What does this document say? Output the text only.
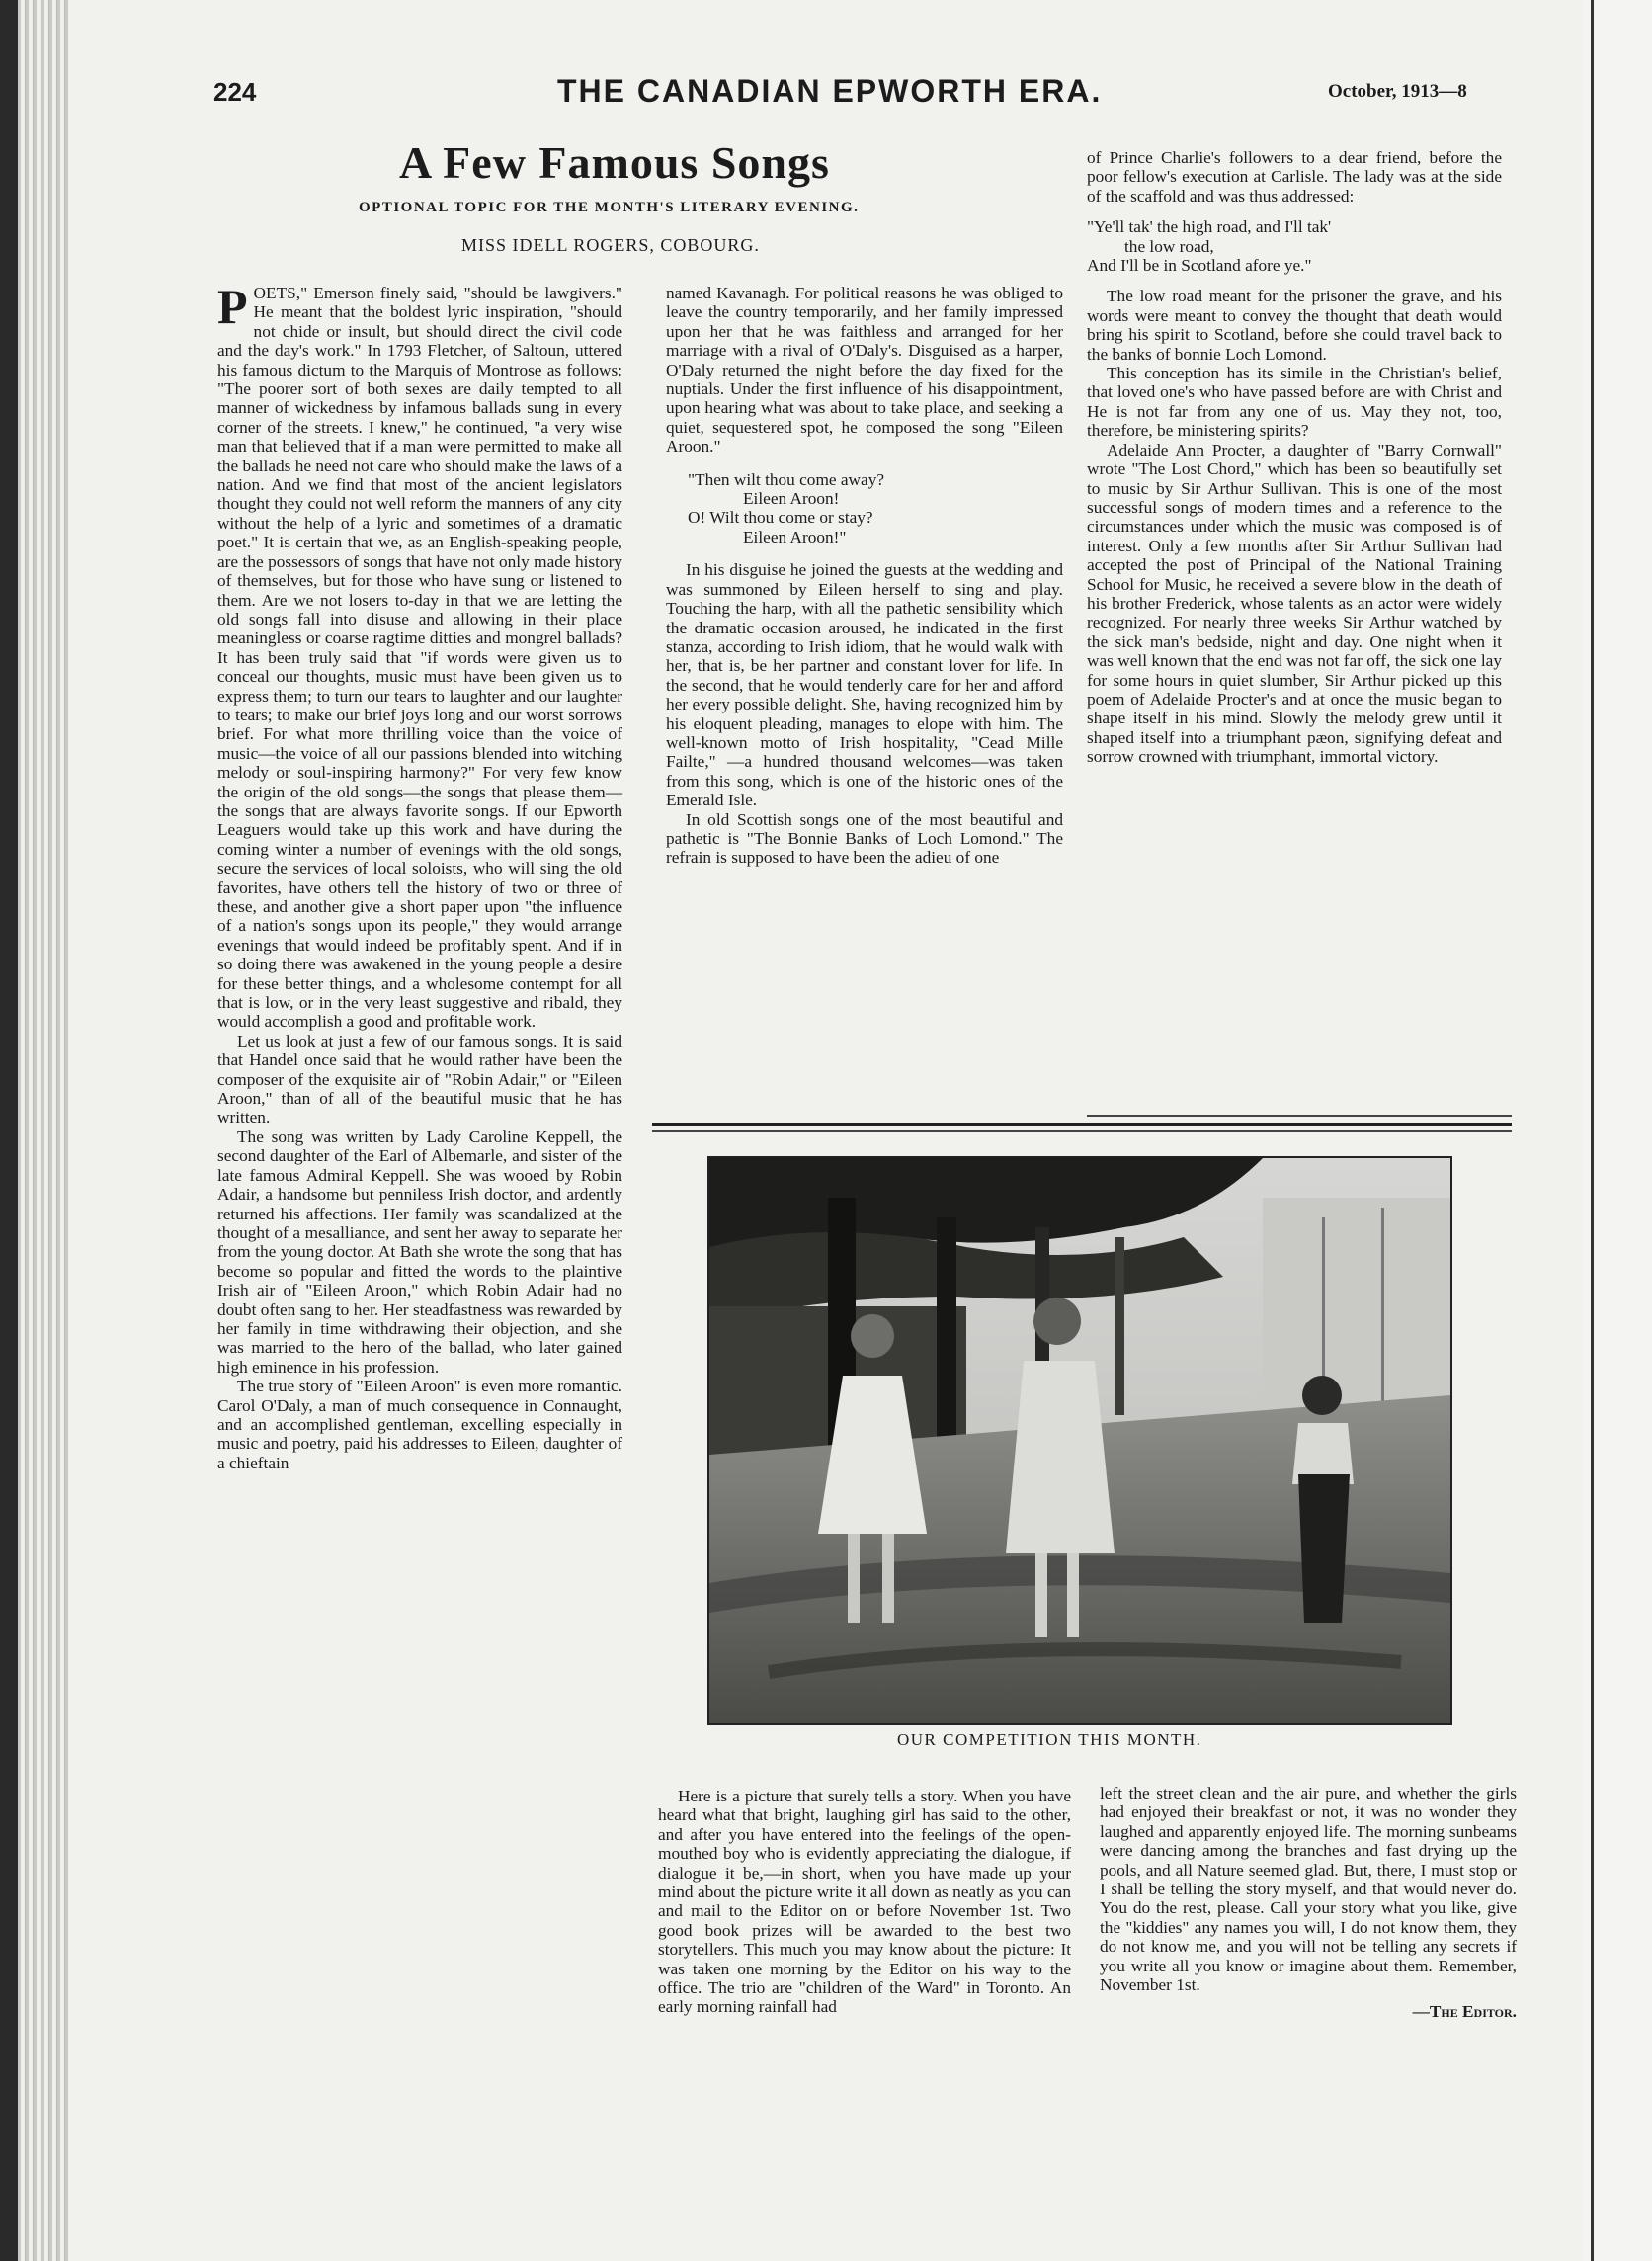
224	THE CANADIAN EPWORTH ERA.	October, 1913—8
A Few Famous Songs
OPTIONAL TOPIC FOR THE MONTH'S LITERARY EVENING.
MISS IDELL ROGERS, COBOURG.

POETS," Emerson finely said, "should be lawgivers." He meant that the boldest lyric inspiration, "should not chide or insult, but should direct the civil code and the day's work." In 1793 Fletcher, of Saltoun, uttered his famous dictum to the Marquis of Montrose as follows: "The poorer sort of both sexes are daily tempted to all manner of wickedness by infamous ballads sung in every corner of the streets. I knew," he continued, "a very wise man that believed that if a man were permitted to make all the ballads he need not care who should make the laws of a nation. And we find that most of the ancient legislators thought they could not well reform the manners of any city without the help of a lyric and sometimes of a dramatic poet." It is certain that we, as an English-speaking people, are the possessors of songs that have not only made history of themselves, but for those who have sung or listened to them. Are we not losers to-day in that we are letting the old songs fall into disuse and allowing in their place meaningless or coarse ragtime ditties and mongrel ballads? It has been truly said that "if words were given us to conceal our thoughts, music must have been given us to express them; to turn our tears to laughter and our laughter to tears; to make our brief joys long and our worst sorrows brief. For what more thrilling voice than the voice of music—the voice of all our passions blended into witching melody or soul-inspiring harmony?" For very few know the origin of the old songs—the songs that please them—the songs that are always favorite songs. If our Epworth Leaguers would take up this work and have during the coming winter a number of evenings with the old songs, secure the services of local soloists, who will sing the old favorites, have others tell the history of two or three of these, and another give a short paper upon "the influence of a nation's songs upon its people," they would arrange evenings that would indeed be profitably spent. And if in so doing there was awakened in the young people a desire for these better things, and a wholesome contempt for all that is low, or in the very least suggestive and ribald, they would accomplish a good and profitable work.

Let us look at just a few of our famous songs. It is said that Handel once said that he would rather have been the composer of the exquisite air of "Robin Adair," or "Eileen Aroon," than of all of the beautiful music that he has written.

The song was written by Lady Caroline Keppell, the second daughter of the Earl of Albemarle, and sister of the late famous Admiral Keppell. She was wooed by Robin Adair, a handsome but penniless Irish doctor, and ardently returned his affections. Her family was scandalized at the thought of a mesalliance, and sent her away to separate her from the young doctor. At Bath she wrote the song that has become so popular and fitted the words to the plaintive Irish air of "Eileen Aroon," which Robin Adair had no doubt often sang to her. Her steadfastness was rewarded by her family in time withdrawing their objection, and she was married to the hero of the ballad, who later gained high eminence in his profession.

The true story of "Eileen Aroon" is even more romantic. Carol O'Daly, a man of much consequence in Connaught, and an accomplished gentleman, excelling especially in music and poetry, paid his addresses to Eileen, daughter of a chieftain

named Kavanagh. For political reasons he was obliged to leave the country temporarily, and her family impressed upon her that he was faithless and arranged for her marriage with a rival of O'Daly's. Disguised as a harper, O'Daly returned the night before the day fixed for the nuptials. Under the first influence of his disappointment, upon hearing what was about to take place, and seeking a quiet, sequestered spot, he composed the song "Eileen Aroon."

"Then wilt thou come away?
Eileen Aroon!
O! Wilt thou come or stay?
Eileen Aroon!"

In his disguise he joined the guests at the wedding and was summoned by Eileen herself to sing and play. Touching the harp, with all the pathetic sensibility which the dramatic occasion aroused, he indicated in the first stanza, according to Irish idiom, that he would walk with her, that is, be her partner and constant lover for life. In the second, that he would tenderly care for her and afford her every possible delight. She, having recognized him by his eloquent pleading, manages to elope with him. The well-known motto of Irish hospitality, "Cead Mille Failte," —a hundred thousand welcomes—was taken from this song, which is one of the historic ones of the Emerald Isle.

In old Scottish songs one of the most beautiful and pathetic is "The Bonnie Banks of Loch Lomond." The refrain is supposed to have been the adieu of one

of Prince Charlie's followers to a dear friend, before the poor fellow's execution at Carlisle. The lady was at the side of the scaffold and was thus addressed:

"Ye'll tak' the high road, and I'll tak'
the low road,
And I'll be in Scotland afore ye."

The low road meant for the prisoner the grave, and his words were meant to convey the thought that death would bring his spirit to Scotland, before she could travel back to the banks of bonnie Loch Lomond.

This conception has its simile in the Christian's belief, that loved one's who have passed before are with Christ and He is not far from any one of us. May they not, too, therefore, be ministering spirits?

Adelaide Ann Procter, a daughter of "Barry Cornwall" wrote "The Lost Chord," which has been so beautifully set to music by Sir Arthur Sullivan. This is one of the most successful songs of modern times and a reference to the circumstances under which the music was composed is of interest. Only a few months after Sir Arthur Sullivan had accepted the post of Principal of the National Training School for Music, he received a severe blow in the death of his brother Frederick, whose talents as an actor were widely recognized. For nearly three weeks Sir Arthur watched by the sick man's bedside, night and day. One night when it was well known that the end was not far off, the sick one lay for some hours in quiet slumber, Sir Arthur picked up this poem of Adelaide Procter's and at once the music began to shape itself in his mind. Slowly the melody grew until it shaped itself into a triumphant pæon, signifying defeat and sorrow crowned with triumphant, immortal victory.

OUR COMPETITION THIS MONTH.

Here is a picture that surely tells a story. When you have heard what that bright, laughing girl has said to the other, and after you have entered into the feelings of the open-mouthed boy who is evidently appreciating the dialogue, if dialogue it be,—in short, when you have made up your mind about the picture write it all down as neatly as you can and mail to the Editor on or before November 1st. Two good book prizes will be awarded to the best two storytellers. This much you may know about the picture: It was taken one morning by the Editor on his way to the office. The trio are "children of the Ward" in Toronto. An early morning rainfall had

left the street clean and the air pure, and whether the girls had enjoyed their breakfast or not, it was no wonder they laughed and apparently enjoyed life. The morning sunbeams were dancing among the branches and fast drying up the pools, and all Nature seemed glad. But, there, I must stop or I shall be telling the story myself, and that would never do. You do the rest, please. Call your story what you like, give the "kiddies" any names you will, I do not know them, they do not know me, and you will not be telling any secrets if you write all you know or imagine about them. Remember, November 1st.

—The Editor.
